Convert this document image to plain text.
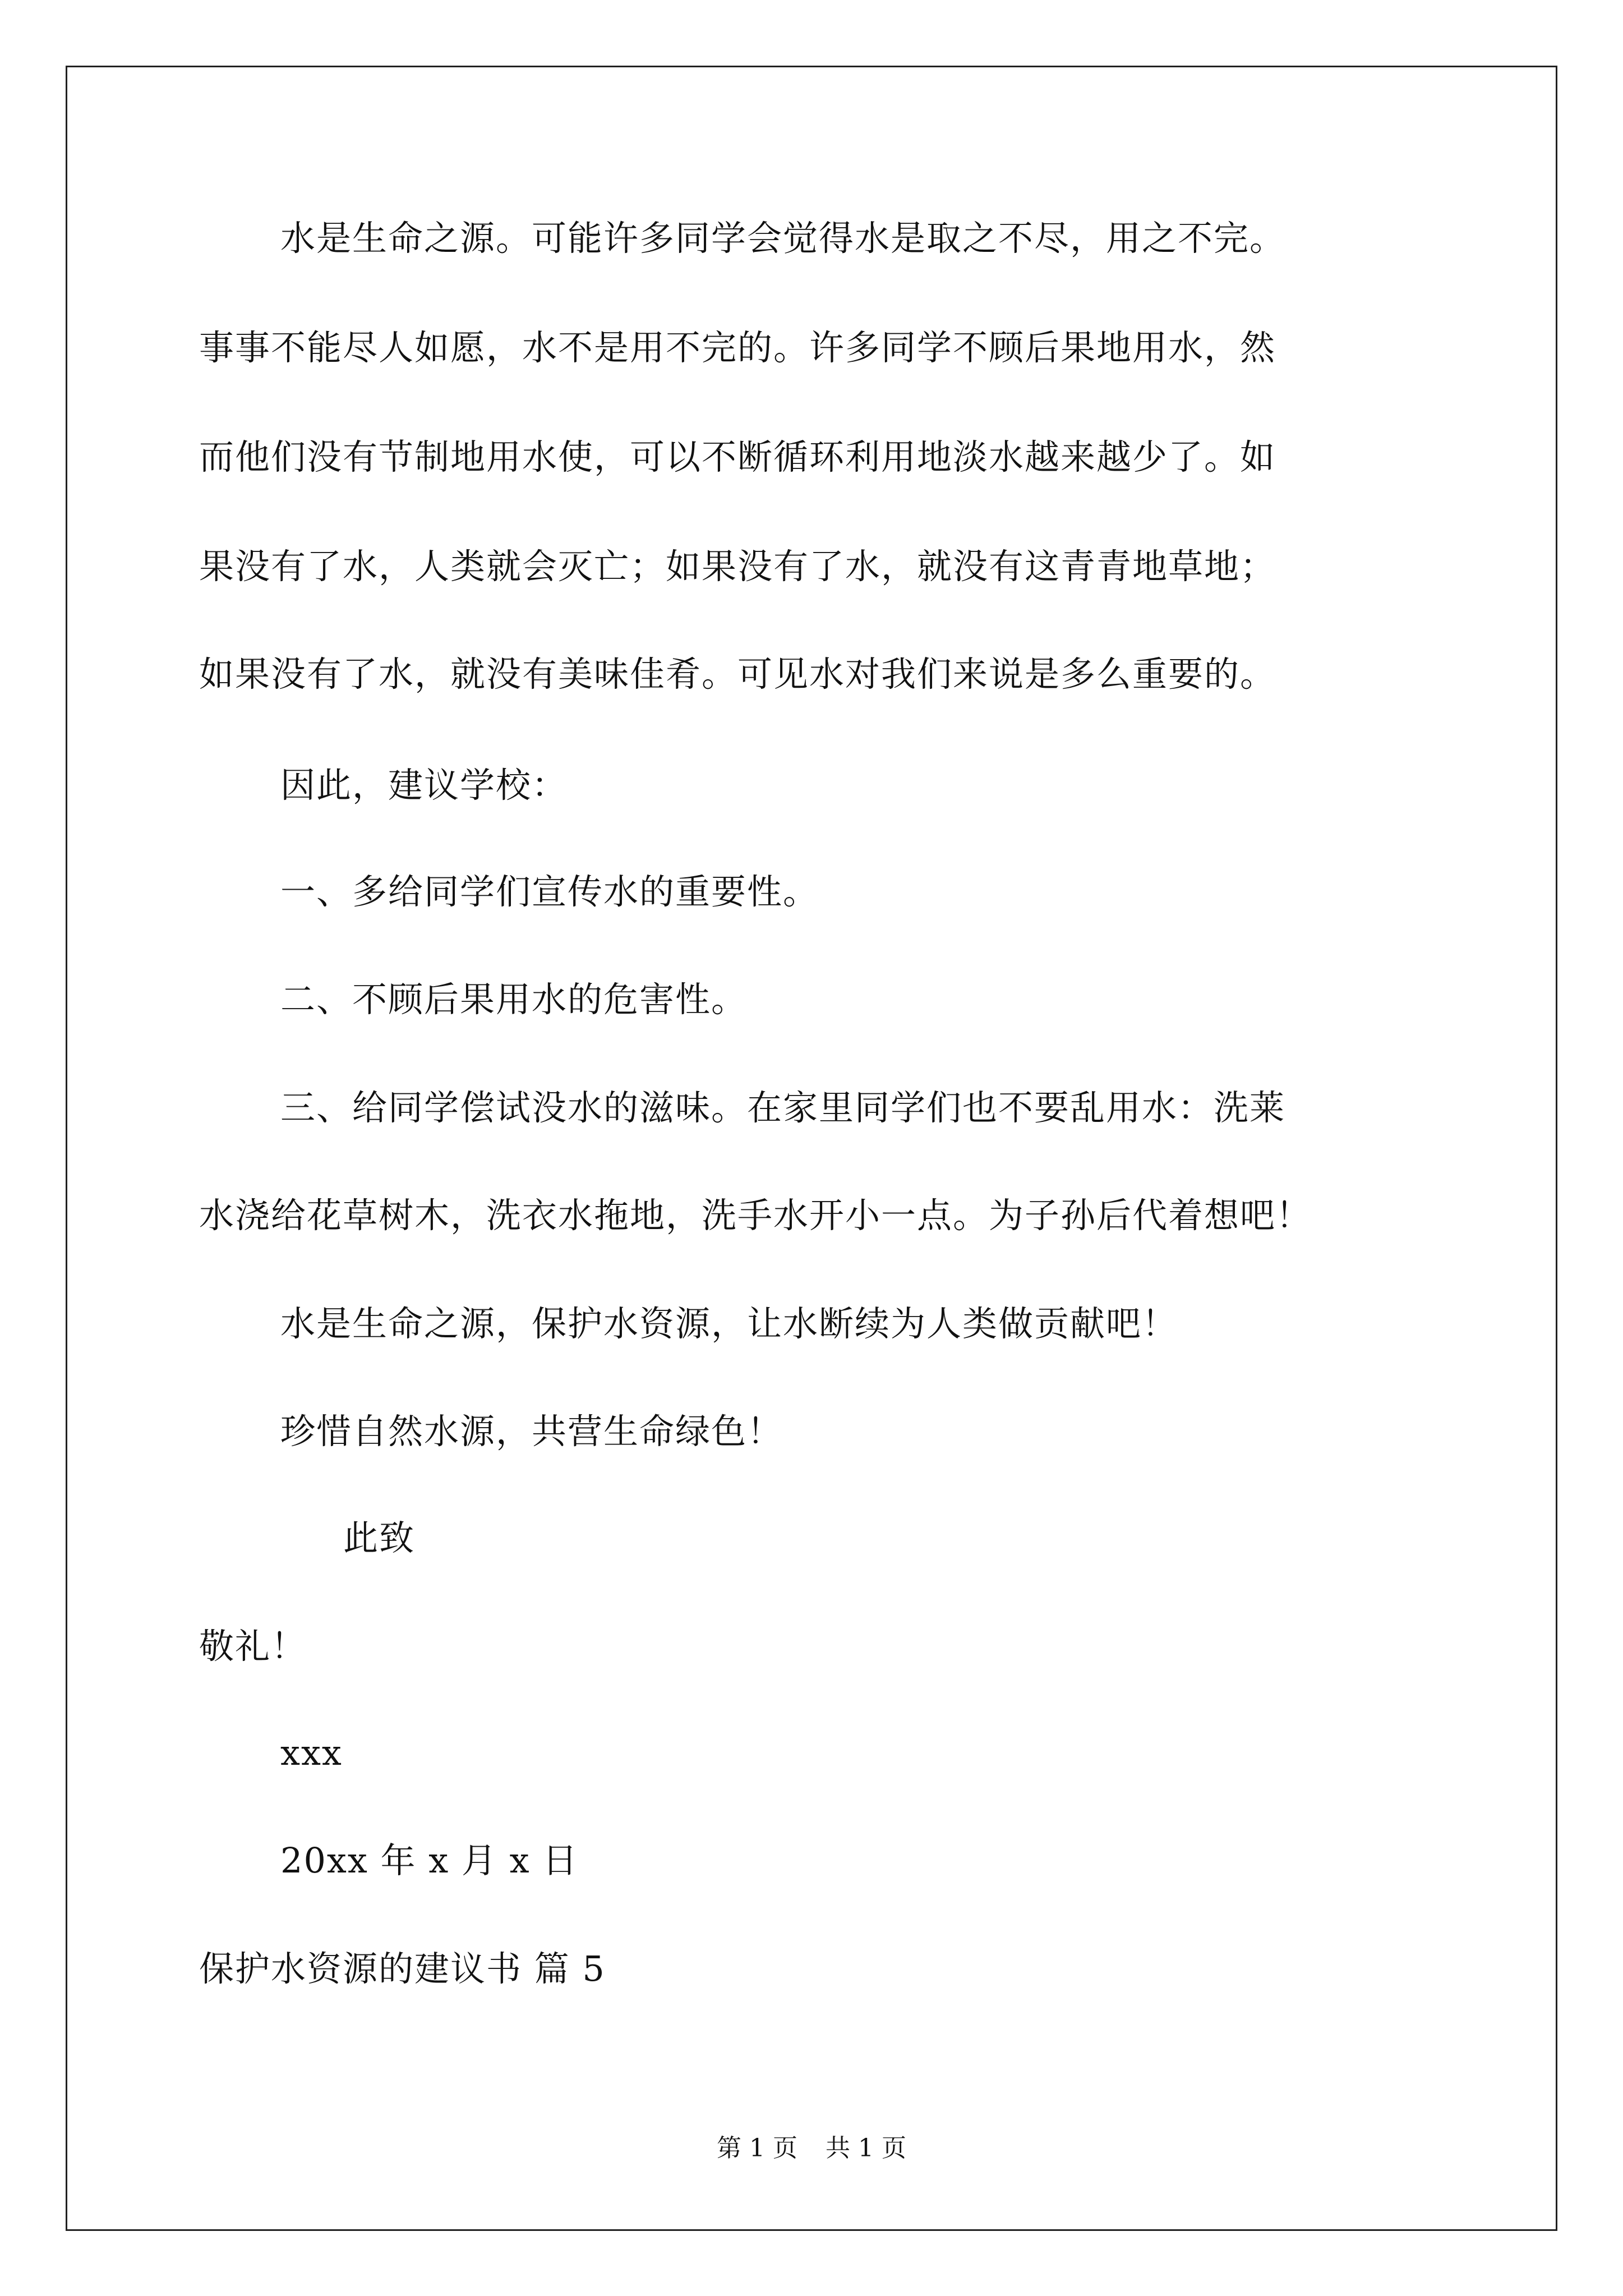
水是生命之源。可能许多同学会觉得水是取之不尽，用之不完。
事事不能尽人如愿，水不是用不完的。许多同学不顾后果地用水，然
而他们没有节制地用水使，可以不断循环利用地淡水越来越少了。如
果没有了水，人类就会灭亡；如果没有了水，就没有这青青地草地；
如果没有了水，就没有美味佳肴。可见水对我们来说是多么重要的。
因此，建议学校：
一、多给同学们宣传水的重要性。
二、不顾后果用水的危害性。
三、给同学偿试没水的滋味。在家里同学们也不要乱用水：洗莱
水浇给花草树木，洗衣水拖地，洗手水开小一点。为子孙后代着想吧！
水是生命之源，保护水资源，让水断续为人类做贡献吧！
珍惜自然水源，共营生命绿色！
此致
敬礼！
xxx
20xx 年 x 月 x 日
保护水资源的建议书 篇 5
第 1 页 共 1 页
